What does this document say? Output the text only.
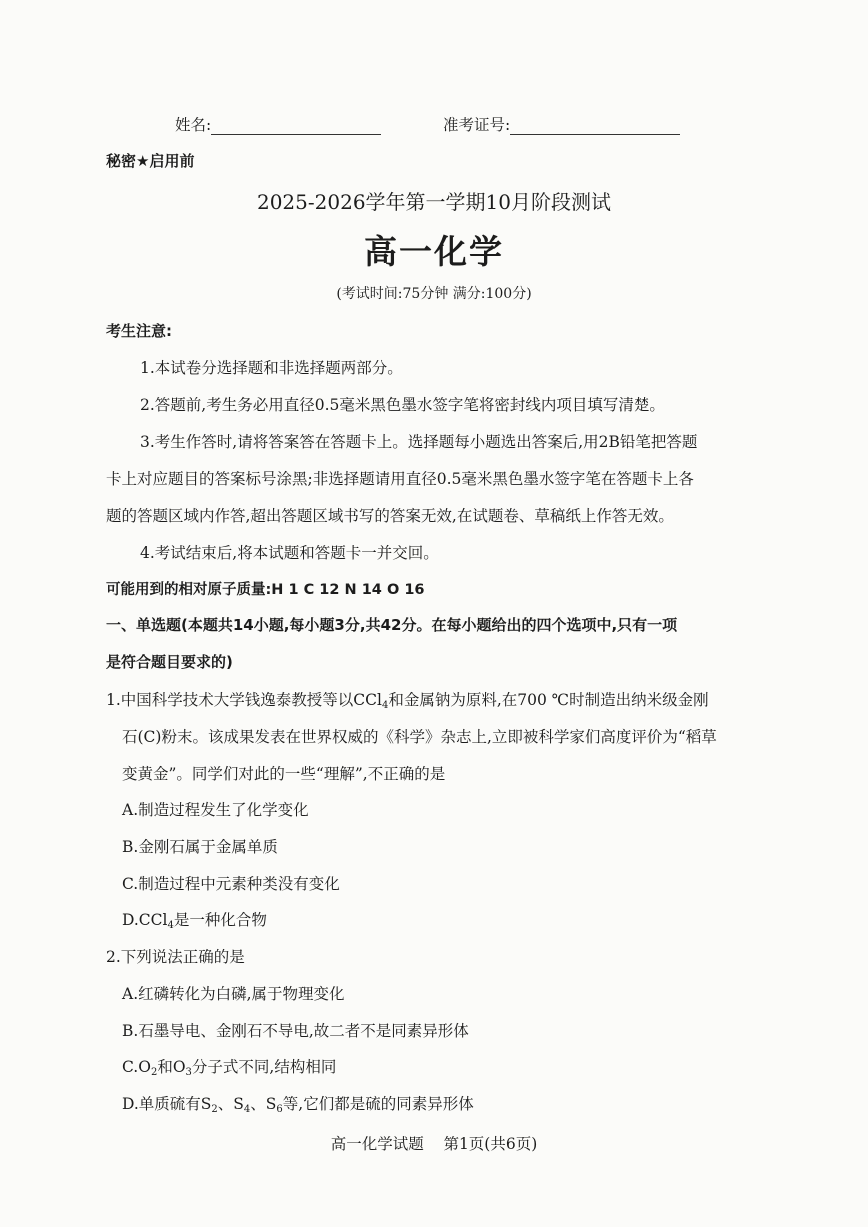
姓名:	准考证号:
秘密★启用前
2025-2026学年第一学期10月阶段测试
高一化学
(考试时间:75分钟 满分:100分)
考生注意:
1.本试卷分选择题和非选择题两部分。
2.答题前,考生务必用直径0.5毫米黑色墨水签字笔将密封线内项目填写清楚。
3.考生作答时,请将答案答在答题卡上。选择题每小题选出答案后,用2B铅笔把答题
卡上对应题目的答案标号涂黑;非选择题请用直径0.5毫米黑色墨水签字笔在答题卡上各
题的答题区域内作答,超出答题区域书写的答案无效,在试题卷、草稿纸上作答无效。
4.考试结束后,将本试题和答题卡一并交回。
可能用到的相对原子质量:H 1 C 12 N 14 O 16
一、单选题(本题共14小题,每小题3分,共42分。在每小题给出的四个选项中,只有一项
是符合题目要求的)
1.中国科学技术大学钱逸泰教授等以CCl$_4$和金属钠为原料,在700 ℃时制造出纳米级金刚
石(C)粉末。该成果发表在世界权威的《科学》杂志上,立即被科学家们高度评价为“稻草
变黄金”。同学们对此的一些“理解”,不正确的是
A.制造过程发生了化学变化
B.金刚石属于金属单质
C.制造过程中元素种类没有变化
D.CCl$_4$是一种化合物
2.下列说法正确的是
A.红磷转化为白磷,属于物理变化
B.石墨导电、金刚石不导电,故二者不是同素异形体
$C.O_2$和$O_3$分子式不同,结构相同
D.单质硫有$S_2$、$S_4$、$S_6$等,它们都是硫的同素异形体
高一化学试题    第1页(共6页)
